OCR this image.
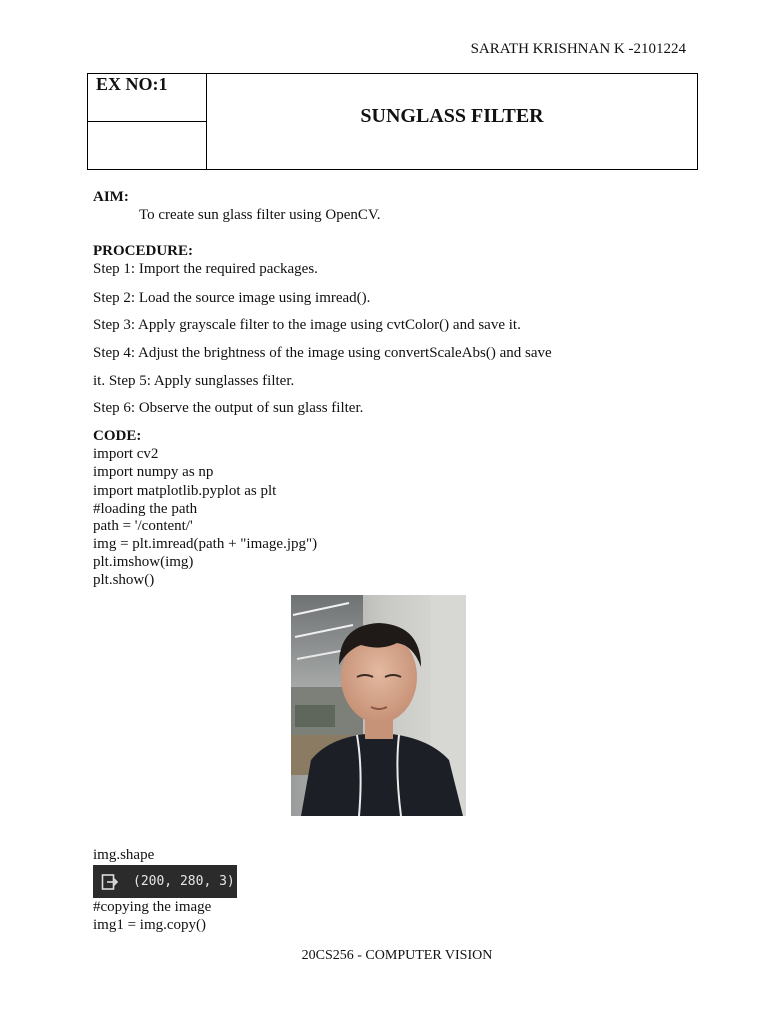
SARATH KRISHNAN K -2101224
EX NO:1
SUNGLASS FILTER
AIM:
To create sun glass filter using OpenCV.
PROCEDURE:
Step 1: Import the required packages.
Step 2: Load the source image using imread().
Step 3: Apply grayscale filter to the image using cvtColor() and save it.
Step 4: Adjust the brightness of the image using convertScaleAbs() and save
it. Step 5: Apply sunglasses filter.
Step 6: Observe the output of sun glass filter.
CODE:
import cv2
import numpy as np
import matplotlib.pyplot as plt
#loading the path
path = '/content/'
img = plt.imread(path + "image.jpg")
plt.imshow(img)
plt.show()
img.shape
(200, 280, 3)
#copying the image
img1 = img.copy()
20CS256 - COMPUTER VISION
